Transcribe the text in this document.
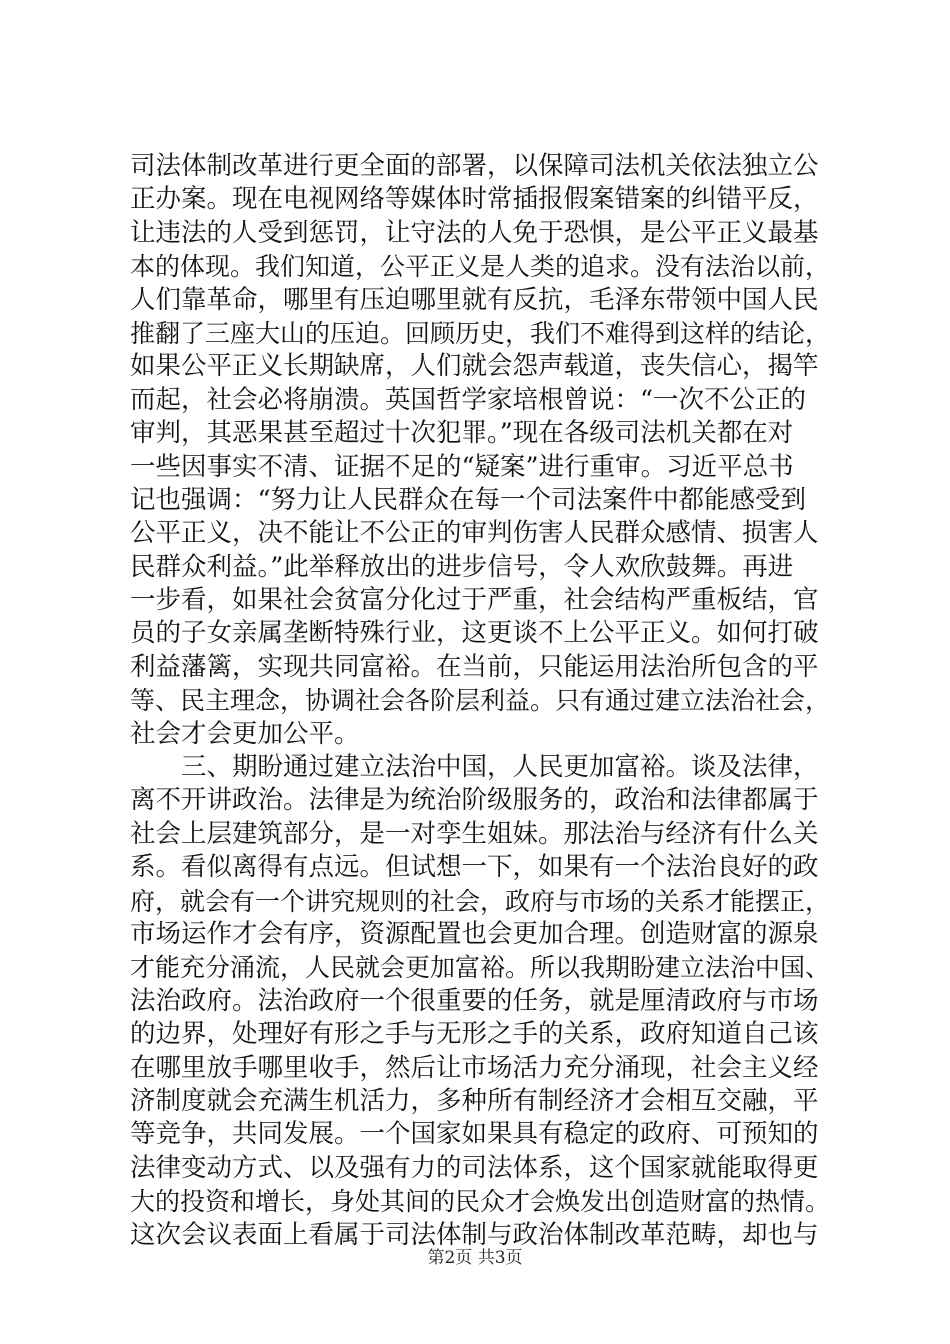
司法体制改革进行更全面的部署，以保障司法机关依法独立公
正办案。现在电视网络等媒体时常插报假案错案的纠错平反，
让违法的人受到惩罚，让守法的人免于恐惧，是公平正义最基
本的体现。我们知道，公平正义是人类的追求。没有法治以前，
人们靠革命，哪里有压迫哪里就有反抗，毛泽东带领中国人民
推翻了三座大山的压迫。回顾历史，我们不难得到这样的结论，
如果公平正义长期缺席，人们就会怨声载道，丧失信心，揭竿
而起，社会必将崩溃。英国哲学家培根曾说：“一次不公正的
审判，其恶果甚至超过十次犯罪。”现在各级司法机关都在对
一些因事实不清、证据不足的“疑案”进行重审。习近平总书
记也强调：“努力让人民群众在每一个司法案件中都能感受到
公平正义，决不能让不公正的审判伤害人民群众感情、损害人
民群众利益。”此举释放出的进步信号，令人欢欣鼓舞。再进
一步看，如果社会贫富分化过于严重，社会结构严重板结，官
员的子女亲属垄断特殊行业，这更谈不上公平正义。如何打破
利益藩篱，实现共同富裕。在当前，只能运用法治所包含的平
等、民主理念，协调社会各阶层利益。只有通过建立法治社会，
社会才会更加公平。
　　三、期盼通过建立法治中国，人民更加富裕。谈及法律，
离不开讲政治。法律是为统治阶级服务的，政治和法律都属于
社会上层建筑部分，是一对孪生姐妹。那法治与经济有什么关
系。看似离得有点远。但试想一下，如果有一个法治良好的政
府，就会有一个讲究规则的社会，政府与市场的关系才能摆正，
市场运作才会有序，资源配置也会更加合理。创造财富的源泉
才能充分涌流，人民就会更加富裕。所以我期盼建立法治中国、
法治政府。法治政府一个很重要的任务，就是厘清政府与市场
的边界，处理好有形之手与无形之手的关系，政府知道自己该
在哪里放手哪里收手，然后让市场活力充分涌现，社会主义经
济制度就会充满生机活力，多种所有制经济才会相互交融，平
等竞争，共同发展。一个国家如果具有稳定的政府、可预知的
法律变动方式、以及强有力的司法体系，这个国家就能取得更
大的投资和增长，身处其间的民众才会焕发出创造财富的热情。
这次会议表面上看属于司法体制与政治体制改革范畴，却也与
第2页 共3页
